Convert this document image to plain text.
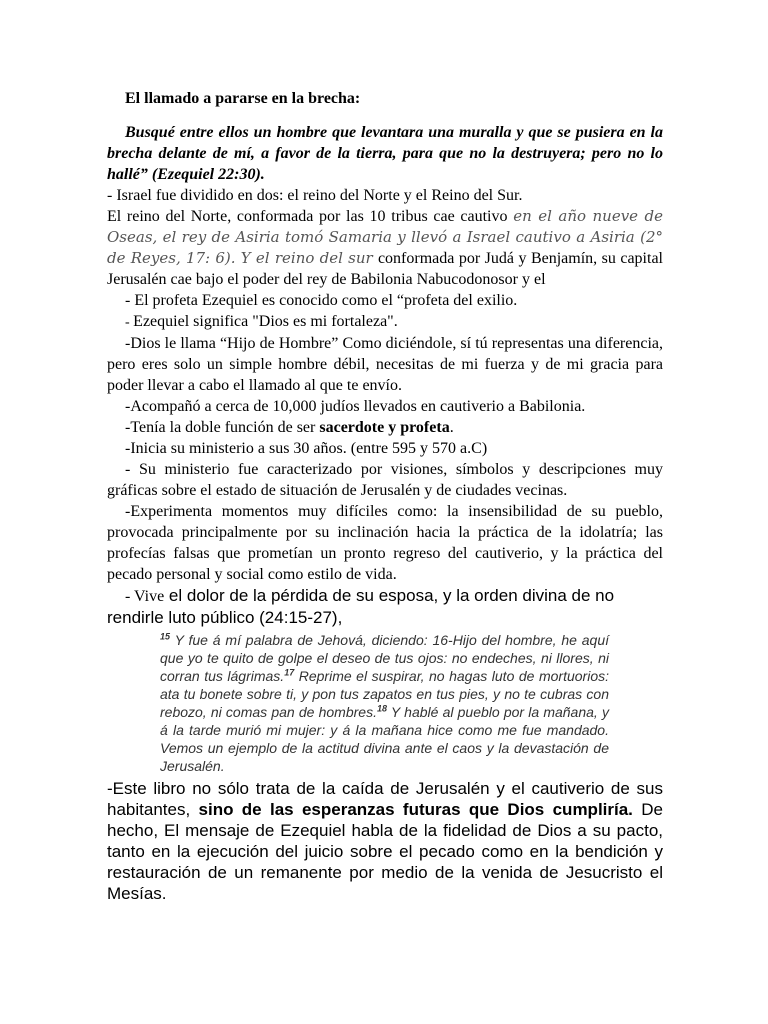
El llamado a pararse en la brecha:

Busqué entre ellos un hombre que levantara una muralla y que se pusiera en la brecha delante de mí, a favor de la tierra, para que no la destruyera; pero no lo hallé” (Ezequiel 22:30).

- Israel fue dividido en dos: el reino del Norte y el Reino del Sur.

El reino del Norte, conformada por las 10 tribus cae cautivo en el año nueve de Oseas, el rey de Asiria tomó Samaria y llevó a Israel cautivo a Asiria (2° de Reyes, 17: 6). Y el reino del sur conformada por Judá y Benjamín, su capital Jerusalén cae bajo el poder del rey de Babilonia Nabucodonosor y el

- El profeta Ezequiel es conocido como el “profeta del exilio.

- Ezequiel significa "Dios es mi fortaleza".

-Dios le llama “Hijo de Hombre” Como diciéndole, sí tú representas una diferencia, pero eres solo un simple hombre débil, necesitas de mi fuerza y de mi gracia para poder llevar a cabo el llamado al que te envío.

-Acompañó a cerca de 10,000 judíos llevados en cautiverio a Babilonia.

-Tenía la doble función de ser sacerdote y profeta.

-Inicia su ministerio a sus 30 años. (entre 595 y 570 a.C)

- Su ministerio fue caracterizado por visiones, símbolos y descripciones muy gráficas sobre el estado de situación de Jerusalén y de ciudades vecinas.

-Experimenta momentos muy difíciles como: la insensibilidad de su pueblo, provocada principalmente por su inclinación hacia la práctica de la idolatría; las profecías falsas que prometían un pronto regreso del cautiverio, y la práctica del pecado personal y social como estilo de vida.

- Vive el dolor de la pérdida de su esposa, y la orden divina de no rendirle luto público (24:15-27),

$^{15}$ Y fue á mí palabra de Jehová, diciendo: 16-Hijo del hombre, he aquí que yo te quito de golpe el deseo de tus ojos: no endeches, ni llores, ni corran tus lágrimas.$^{17}$ Reprime el suspirar, no hagas luto de mortuorios: ata tu bonete sobre ti, y pon tus zapatos en tus pies, y no te cubras con rebozo, ni comas pan de hombres.$^{18}$ Y hablé al pueblo por la mañana, y á la tarde murió mi mujer: y á la mañana hice como me fue mandado. Vemos un ejemplo de la actitud divina ante el caos y la devastación de Jerusalén.

-Este libro no sólo trata de la caída de Jerusalén y el cautiverio de sus habitantes, sino de las esperanzas futuras que Dios cumpliría. De hecho, El mensaje de Ezequiel habla de la fidelidad de Dios a su pacto, tanto en la ejecución del juicio sobre el pecado como en la bendición y restauración de un remanente por medio de la venida de Jesucristo el Mesías.
